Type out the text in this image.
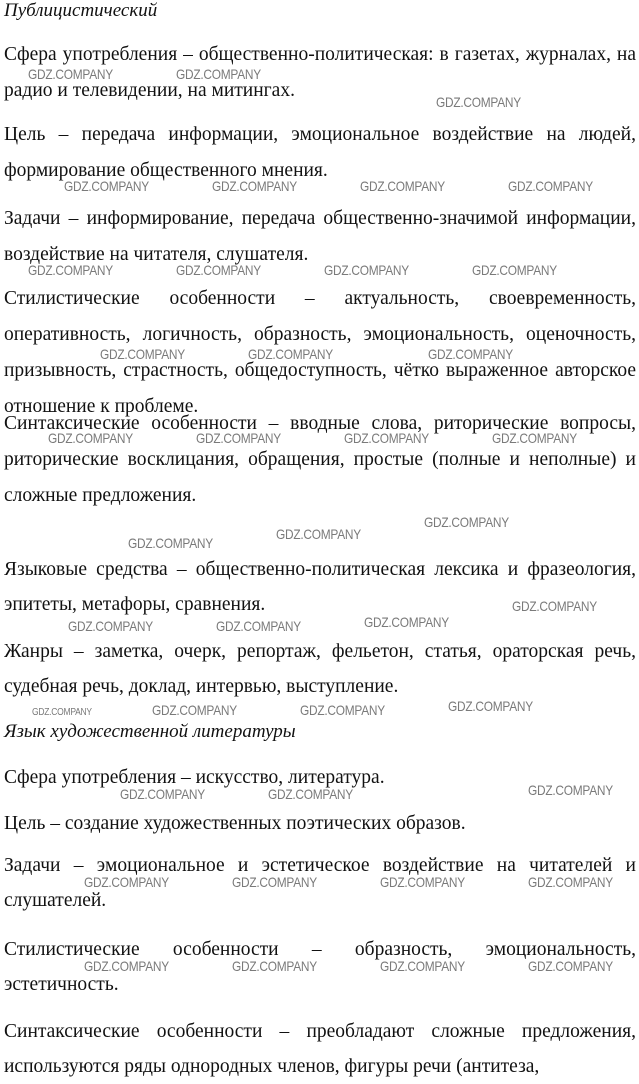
Публицистический
Сфера употребления – общественно-политическая: в газетах, журналах, на радио и телевидении, на митингах.
Цель – передача информации, эмоциональное воздействие на людей, формирование общественного мнения.
Задачи – информирование, передача общественно-значимой информации, воздействие на читателя, слушателя.
Стилистические особенности – актуальность, своевременность, оперативность, логичность, образность, эмоциональность, оценочность, призывность, страстность, общедоступность, чётко выраженное авторское отношение к проблеме.
Синтаксические особенности – вводные слова, риторические вопросы, риторические восклицания, обращения, простые (полные и неполные) и сложные предложения.
Языковые средства – общественно-политическая лексика и фразеология, эпитеты, метафоры, сравнения.
Жанры – заметка, очерк, репортаж, фельетон, статья, ораторская речь, судебная речь, доклад, интервью, выступление.
Язык художественной литературы
Сфера употребления – искусство, литература.
Цель – создание художественных поэтических образов.
Задачи – эмоциональное и эстетическое воздействие на читателей и слушателей.
Стилистические особенности – образность, эмоциональность, эстетичность.
Синтаксические особенности – преобладают сложные предложения, используются ряды однородных членов, фигуры речи (антитеза,
GDZ.COMPANY	GDZ.COMPANY
GDZ.COMPANY
GDZ.COMPANY	GDZ.COMPANY	GDZ.COMPANY	GDZ.COMPANY
GDZ.COMPANY	GDZ.COMPANY	GDZ.COMPANY	GDZ.COMPANY
GDZ.COMPANY	GDZ.COMPANY	GDZ.COMPANY
GDZ.COMPANY	GDZ.COMPANY	GDZ.COMPANY	GDZ.COMPANY
GDZ.COMPANY
GDZ.COMPANY
GDZ.COMPANY
GDZ.COMPANY
GDZ.COMPANY
GDZ.COMPANY	GDZ.COMPANY
GDZ.COMPANY
GDZ.COMPANY	GDZ.COMPANY	GDZ.COMPANY
GDZ.COMPANY
GDZ.COMPANY	GDZ.COMPANY
GDZ.COMPANY	GDZ.COMPANY	GDZ.COMPANY	GDZ.COMPANY
GDZ.COMPANY	GDZ.COMPANY	GDZ.COMPANY	GDZ.COMPANY
